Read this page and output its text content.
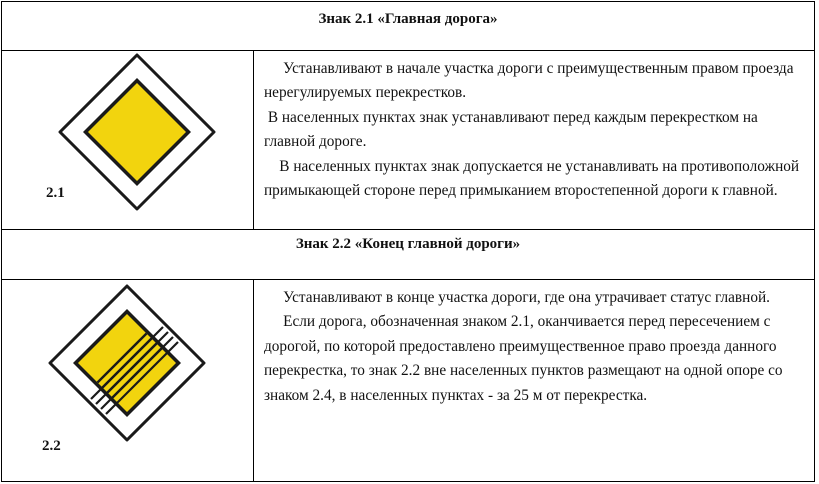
Знак 2.1 «Главная дорога»
2.1

Устанавливают в начале участка дороги с преимущественным правом проезда нерегулируемых перекрестков.

В населенных пунктах знак устанавливают перед каждым перекрестком на главной дороге.

В населенных пунктах знак допускается не устанавливать на противоположной примыкающей стороне перед примыканием второстепенной дороги к главной.

Знак 2.2 «Конец главной дороги»
2.2

Устанавливают в конце участка дороги, где она утрачивает статус главной.

Если дорога, обозначенная знаком 2.1, оканчивается перед пересечением с дорогой, по которой предоставлено преимущественное право проезда данного перекрестка, то знак 2.2 вне населенных пунктов размещают на одной опоре со знаком 2.4, в населенных пунктах - за 25 м от перекрестка.
